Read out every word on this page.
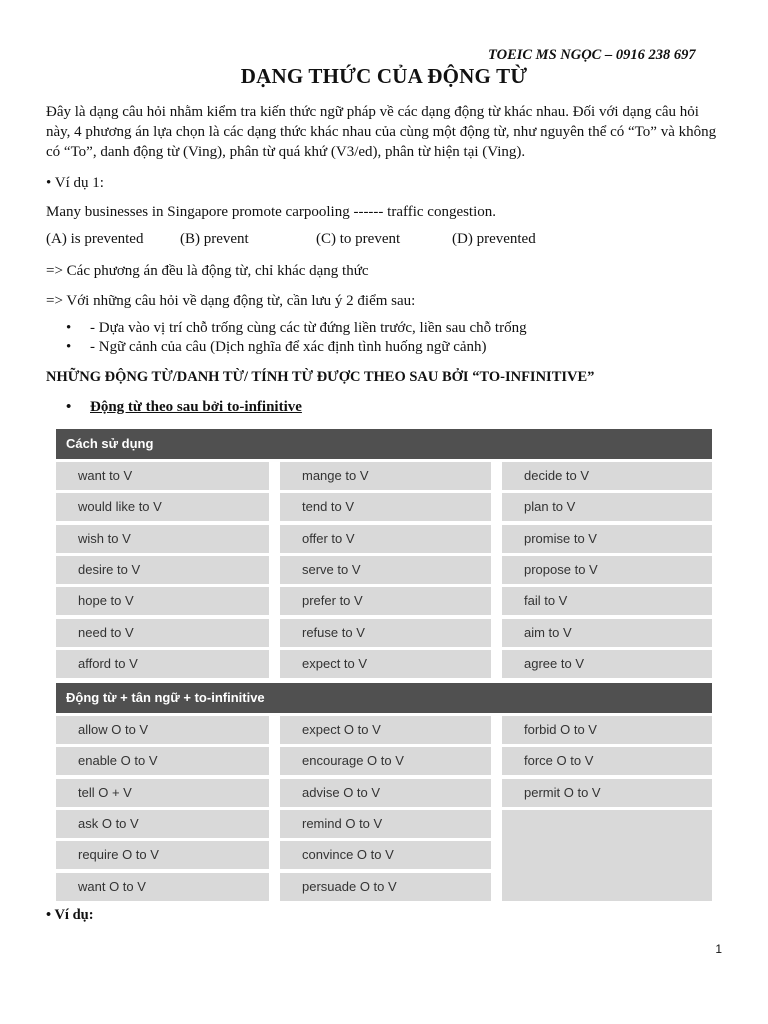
TOEIC MS NGỌC – 0916 238 697
DẠNG THỨC CỦA ĐỘNG TỪ
Đây là dạng câu hỏi nhằm kiểm tra kiến thức ngữ pháp về các dạng động từ khác nhau. Đối với dạng câu hỏi này, 4 phương án lựa chọn là các dạng thức khác nhau của cùng một động từ, như nguyên thể có “To” và không có “To”, danh động từ (Ving), phân từ quá khứ (V3/ed), phân từ hiện tại (Ving).
• Ví dụ 1:
Many businesses in Singapore promote carpooling ------ traffic congestion.
(A) is prevented (B) prevent	(C) to prevent	(D) prevented
=> Các phương án đều là động từ, chỉ khác dạng thức
=> Với những câu hỏi về dạng động từ, cần lưu ý 2 điểm sau:
• - Dựa vào vị trí chỗ trống cùng các từ đứng liền trước, liền sau chỗ trống
• - Ngữ cảnh của câu (Dịch nghĩa để xác định tình huống ngữ cảnh)
NHỮNG ĐỘNG TỪ/DANH TỪ/ TÍNH TỪ ĐƯỢC THEO SAU BỞI “TO-INFINITIVE”
• Động từ theo sau bởi to-infinitive
Cách sử dụng
Động từ + tân ngữ + to-infinitive
want to V	mange to V	decide to V
would like to V	tend to V	plan to V
wish to V	offer to V	promise to V
desire to V	serve to V	propose to V
hope to V	prefer to V	fail to V
need to V	refuse to V	aim to V
afford to V	expect to V	agree to V
allow O to V	expect O to V	forbid O to V
enable O to V	encourage O to V	force O to V
tell O + V	advise O to V	permit O to V
ask O to V	remind O to V
require O to V	convince O to V
want O to V	persuade O to V
• Ví dụ:
1
